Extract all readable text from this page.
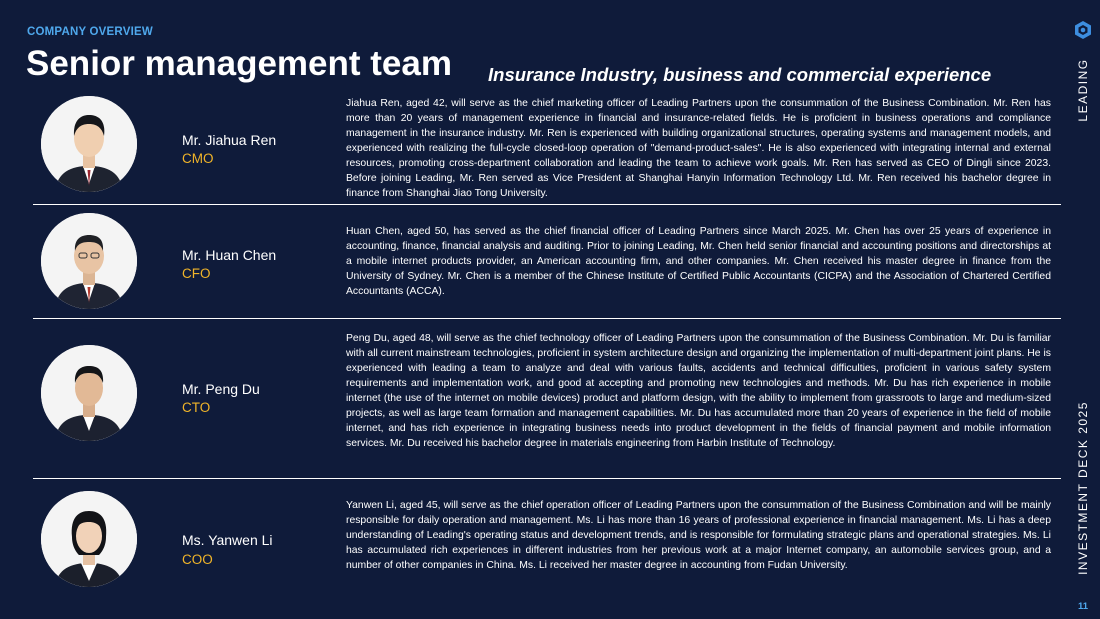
COMPANY OVERVIEW
Senior management team Insurance Industry, business and commercial experience	LEADING
INVESTMENT DECK 2025
11
Mr. Jiahua Ren
CMO
Jiahua Ren, aged 42, will serve as the chief marketing officer of Leading Partners upon the consummation of the Business Combination. Mr. Ren has more than 20 years of management experience in financial and insurance-related fields. He is proficient in business operations and compliance management in the insurance industry. Mr. Ren is experienced with building organizational structures, operating systems and management models, and experienced with realizing the full-cycle closed-loop operation of "demand-product-sales". He is also experienced with integrating internal and external resources, promoting cross-department collaboration and leading the team to achieve work goals. Mr. Ren has served as CEO of Dingli since 2023. Before joining Leading, Mr. Ren served as Vice President at Shanghai Hanyin Information Technology Ltd. Mr. Ren received his bachelor degree in finance from Shanghai Jiao Tong University.
Mr. Huan Chen
CFO
Huan Chen, aged 50, has served as the chief financial officer of Leading Partners since March 2025. Mr. Chen has over 25 years of experience in accounting, finance, financial analysis and auditing. Prior to joining Leading, Mr. Chen held senior financial and accounting positions and directorships at a mobile internet products provider, an American accounting firm, and other companies. Mr. Chen received his master degree in finance from the University of Sydney. Mr. Chen is a member of the Chinese Institute of Certified Public Accountants (CICPA) and the Association of Chartered Certified Accountants (ACCA).
Mr. Peng Du
CTO
Peng Du, aged 48, will serve as the chief technology officer of Leading Partners upon the consummation of the Business Combination. Mr. Du is familiar with all current mainstream technologies, proficient in system architecture design and organizing the implementation of multi-department joint plans. He is experienced with leading a team to analyze and deal with various faults, accidents and technical difficulties, proficient in various safety system requirements and implementation work, and good at accepting and promoting new technologies and methods. Mr. Du has rich experience in mobile internet (the use of the internet on mobile devices) product and platform design, with the ability to implement from grassroots to large and medium-sized projects, as well as large team formation and management capabilities. Mr. Du has accumulated more than 20 years of experience in the field of mobile internet, and has rich experience in integrating business needs into product development in the fields of financial payment and mobile information services. Mr. Du received his bachelor degree in materials engineering from Harbin Institute of Technology.
Ms. Yanwen Li
COO
Yanwen Li, aged 45, will serve as the chief operation officer of Leading Partners upon the consummation of the Business Combination and will be mainly responsible for daily operation and management. Ms. Li has more than 16 years of professional experience in financial management. Ms. Li has a deep understanding of Leading's operating status and development trends, and is responsible for formulating strategic plans and operational strategies. Ms. Li has accumulated rich experiences in different industries from her previous work at a major Internet company, an automobile services group, and a number of other companies in China. Ms. Li received her master degree in accounting from Fudan University.
